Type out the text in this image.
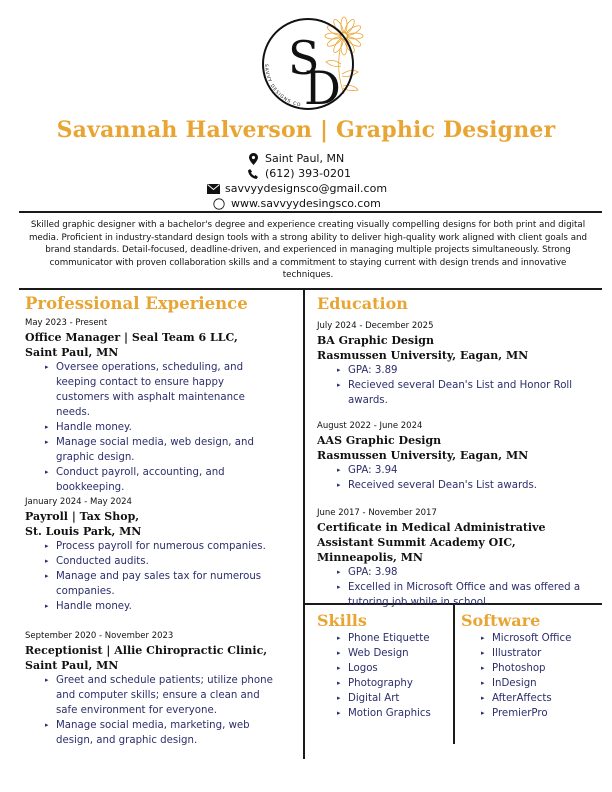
SAVVY DESIGNS CO
S
D
Savannah Halverson | Graphic Designer
Saint Paul, MN
(612) 393-0201
savvyydesignsco@gmail.com
www.savvyydesingsco.com
Skilled graphic designer with a bachelor's degree and experience creating visually compelling designs for both print and digital media. Proficient in industry-standard design tools with a strong ability to deliver high-quality work aligned with client goals and brand standards. Detail-focused, deadline-driven, and experienced in managing multiple projects simultaneously. Strong communicator with proven collaboration skills and a commitment to staying current with design trends and innovative techniques.
Professional Experience
May 2023 - Present
Office Manager | Seal Team 6 LLC,
Saint Paul, MN
▸ Oversee operations, scheduling, and keeping contact to ensure happy customers with asphalt maintenance needs.
▸ Handle money.
▸ Manage social media, web design, and graphic design.
▸ Conduct payroll, accounting, and bookkeeping.
January 2024 - May 2024
Payroll | Tax Shop,
St. Louis Park, MN
▸ Process payroll for numerous companies.
▸ Conducted audits.
▸ Manage and pay sales tax for numerous companies.
▸ Handle money.
September 2020 - November 2023
Receptionist | Allie Chiropractic Clinic,
Saint Paul, MN
▸ Greet and schedule patients; utilize phone and computer skills; ensure a clean and safe environment for everyone.
▸ Manage social media, marketing, web design, and graphic design.
Education
July 2024 - December 2025
BA Graphic Design
Rasmussen University, Eagan, MN
▸ GPA: 3.89
▸ Recieved several Dean's List and Honor Roll awards.
August 2022 - June 2024
AAS Graphic Design
Rasmussen University, Eagan, MN
▸ GPA: 3.94
▸ Received several Dean's List awards.
June 2017 - November 2017
Certificate in Medical Administrative Assistant Summit Academy OIC, Minneapolis, MN
▸ GPA: 3.98
▸ Excelled in Microsoft Office and was offered a tutoring job while in school.
Skills
▸ Phone Etiquette
▸ Web Design
▸ Logos
▸ Photography
▸ Digital Art
▸ Motion Graphics
Software
▸ Microsoft Office
▸ Illustrator
▸ Photoshop
▸ InDesign
▸ AfterAffects
▸ PremierPro
